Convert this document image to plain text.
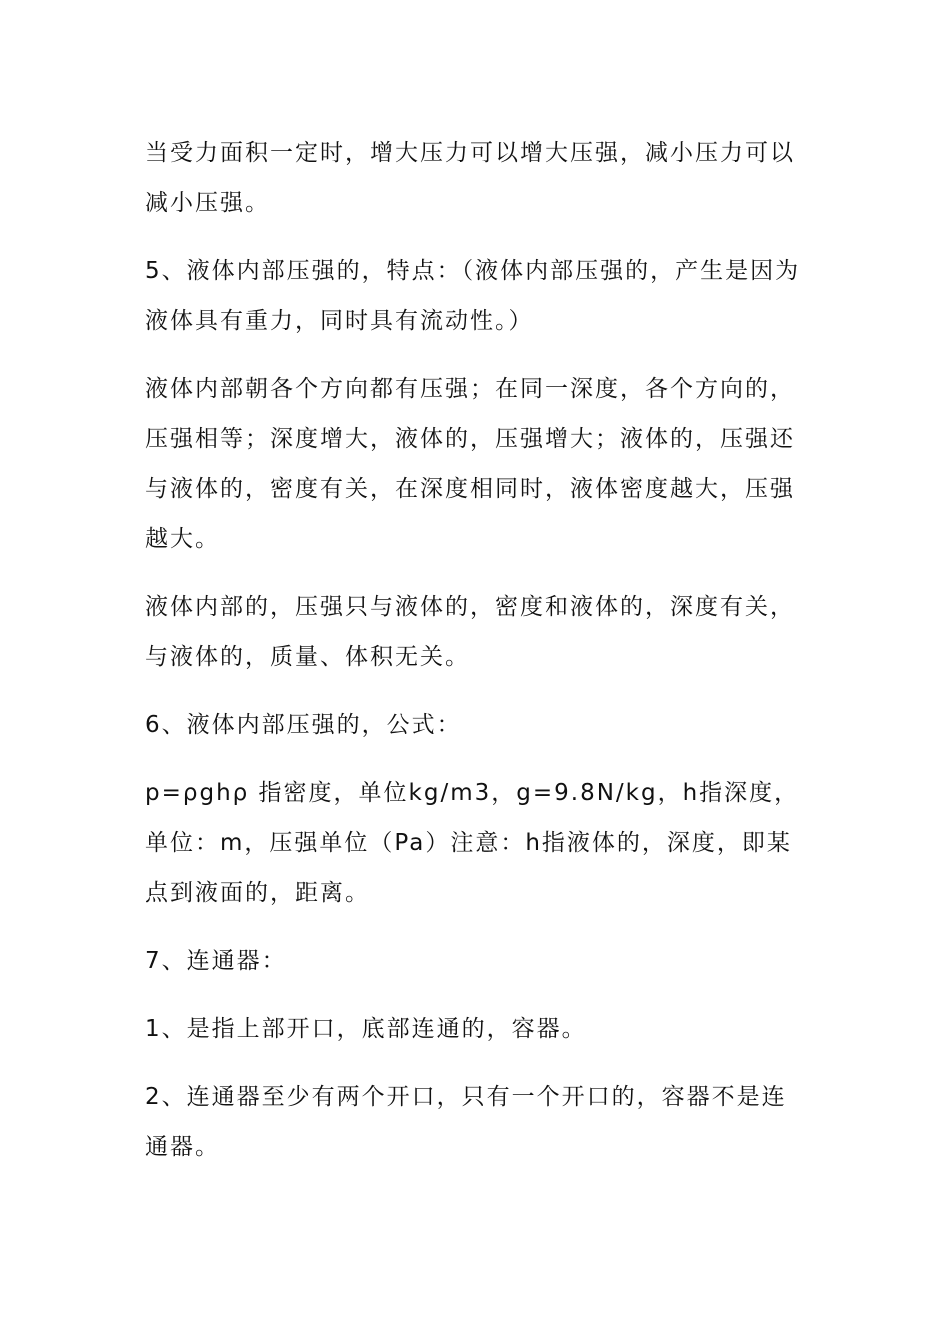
当受力面积一定时，增大压力可以增大压强，减小压力可以减小压强。

5、液体内部压强的，特点：（液体内部压强的，产生是因为液体具有重力，同时具有流动性。）

液体内部朝各个方向都有压强；在同一深度，各个方向的，压强相等；深度增大，液体的，压强增大；液体的，压强还与液体的，密度有关，在深度相同时，液体密度越大，压强越大。

液体内部的，压强只与液体的，密度和液体的，深度有关，与液体的，质量、体积无关。

6、液体内部压强的，公式：

p=ρghρ 指密度，单位kg/m3，g=9.8N/kg，h指深度，单位：m，压强单位（Pa）注意：h指液体的，深度，即某点到液面的，距离。

7、连通器：

1、是指上部开口，底部连通的，容器。

2、连通器至少有两个开口，只有一个开口的，容器不是连通器。
